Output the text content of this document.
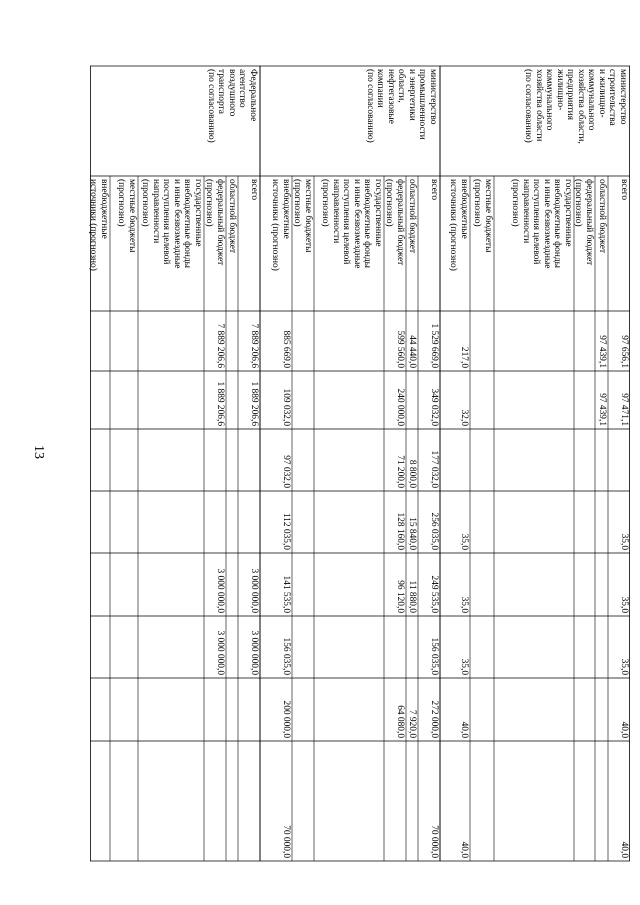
13
министерство
строительства
и жилищно-
коммунального
хозяйства области,
предприятия
жилищно-
коммунального
хозяйства области
(по согласованию)
всего
97 656,1
97 471,1
35,0
35,0
35,0
40,0
40,0
областной бюджет
97 439,1
97 439,1
федеральный бюджет
(прогнозно)
государственные
внебюджетные фонды
и иные безвозмездные
поступления целевой
направленности
(прогнозно)
местные бюджеты
(прогнозно)
внебюджетные
источники (прогнозно)
217,0
32,0
35,0
35,0
35,0
40,0
40,0
министерство
промышленности
и энергетики
области,
нефтегазовые
компании
(по согласованию)
всего
1 529 669,0
349 032,0
177 032,0
256 035,0
249 535,0
156 035,0
272 000,0
70 000,0
областной бюджет
44 440,0
8 800,0
15 840,0
11 880,0
7 920,0
федеральный бюджет
(прогнозно)
599 560,0
240 000,0
71 200,0
128 160,0
96 120,0
64 080,0
государственные
внебюджетные фонды
и иные безвозмездные
поступления целевой
направленности
(прогнозно)
местные бюджеты
(прогнозно)
внебюджетные
источники (прогнозно)
885 669,0
109 032,0
97 032,0
112 035,0
141 535,0
156 035,0
200 000,0
70 000,0
Федеральное
агентство
воздушного
транспорта
(по согласованию)
всего
7 889 206,6
1 889 206,6
3 000 000,0
3 000 000,0
областной бюджет
федеральный бюджет
(прогнозно)
7 889 206,6
1 889 206,6
3 000 000,0
3 000 000,0
государственные
внебюджетные фонды
и иные безвозмездные
поступления целевой
направленности
(прогнозно)
местные бюджеты
(прогнозно)
внебюджетные
источники (прогнозно)
